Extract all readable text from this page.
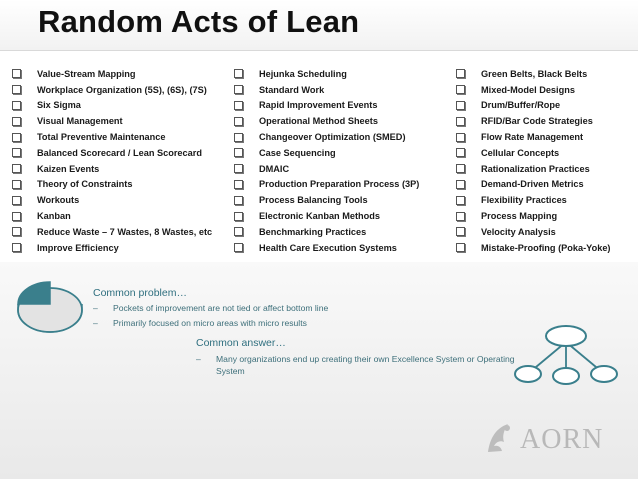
Random Acts of Lean
Value-Stream Mapping
Workplace Organization (5S), (6S), (7S)
Six Sigma
Visual Management
Total Preventive Maintenance
Balanced Scorecard / Lean Scorecard
Kaizen Events
Theory of Constraints
Workouts
Kanban
Reduce Waste – 7 Wastes, 8 Wastes, etc
Improve Efficiency
Hejunka Scheduling
Standard Work
Rapid Improvement Events
Operational Method Sheets
Changeover Optimization (SMED)
Case Sequencing
DMAIC
Production Preparation Process (3P)
Process Balancing Tools
Electronic Kanban Methods
Benchmarking Practices
Health Care Execution Systems
Green Belts, Black Belts
Mixed-Model Designs
Drum/Buffer/Rope
RFID/Bar Code Strategies
Flow Rate Management
Cellular Concepts
Rationalization Practices
Demand-Driven Metrics
Flexibility Practices
Process Mapping
Velocity Analysis
Mistake-Proofing (Poka-Yoke)
Common problem…
– Pockets of improvement are not tied or affect bottom line
– Primarily focused on micro areas with micro results
Common answer…
–	Many organizations end up creating their own Excellence System or Operating System
AORN
